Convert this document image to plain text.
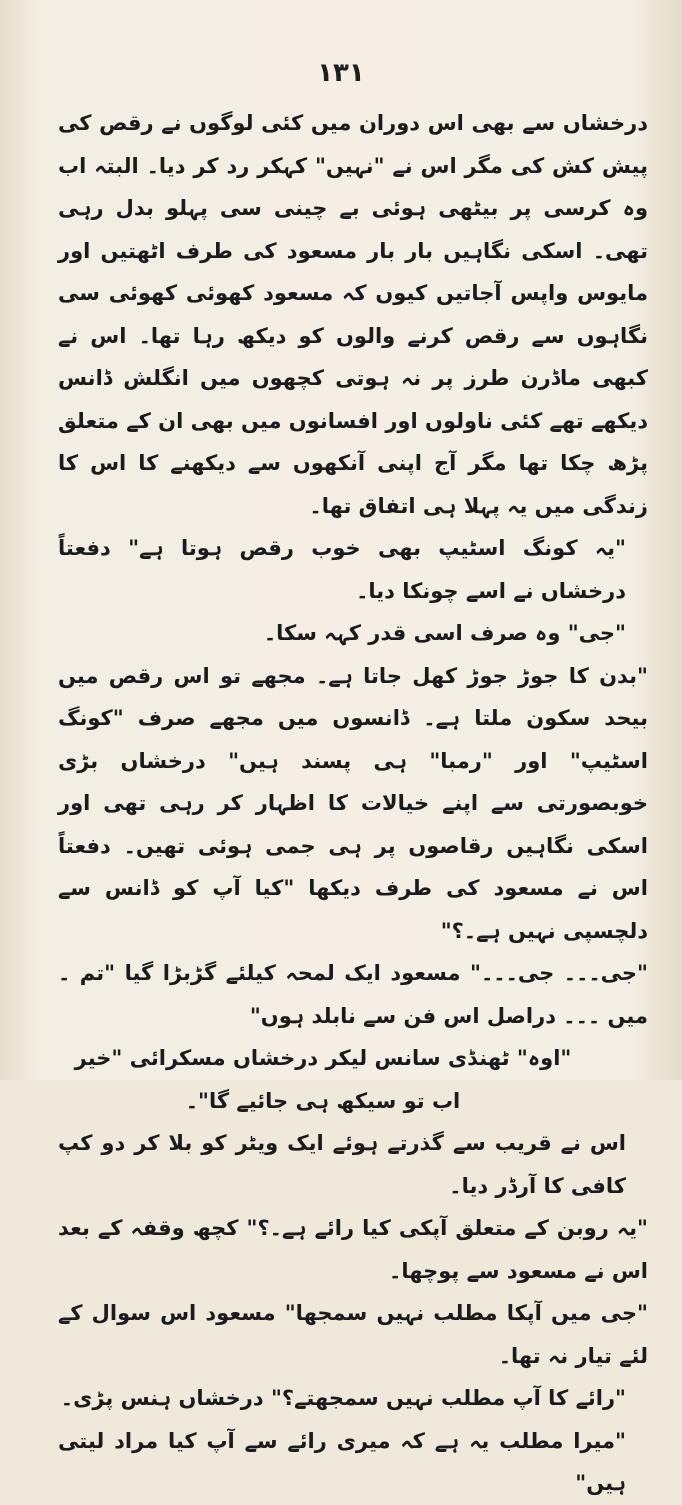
۱۳۱

درخشاں سے بھی اس دوران میں کئی لوگوں نے رقص کی پیش کش کی مگر اس نے "نہیں" کہکر رد کر دیا۔ البتہ اب وہ کرسی پر بیٹھی ہوئی بے چینی سی پہلو بدل رہی تھی۔ اسکی نگاہیں بار بار مسعود کی طرف اٹھتیں اور مایوس واپس آجاتیں کیوں کہ مسعود کھوئی کھوئی سی نگاہوں سے رقص کرنے والوں کو دیکھ رہا تھا۔ اس نے کبھی ماڈرن طرز پر نہ ہوتی کچھوں میں انگلش ڈانس دیکھے تھے کئی ناولوں اور افسانوں میں بھی ان کے متعلق پڑھ چکا تھا مگر آج اپنی آنکھوں سے دیکھنے کا اس کا زندگی میں یہ پہلا ہی اتفاق تھا۔

"یہ کونگ اسٹیپ بھی خوب رقص ہوتا ہے" دفعتاً درخشاں نے اسے چونکا دیا۔

"جی" وہ صرف اسی قدر کہہ سکا۔

"بدن کا جوڑ جوڑ کھل جاتا ہے۔ مجھے تو اس رقص میں بیحد سکون ملتا ہے۔ ڈانسوں میں مجھے صرف "کونگ اسٹیپ" اور "رمبا" ہی پسند ہیں" درخشاں بڑی خوبصورتی سے اپنے خیالات کا اظہار کر رہی تھی اور اسکی نگاہیں رقاصوں پر ہی جمی ہوئی تھیں۔ دفعتاً اس نے مسعود کی طرف دیکھا "کیا آپ کو ڈانس سے دلچسپی نہیں ہے۔؟"

"جی۔۔۔ جی۔۔۔" مسعود ایک لمحہ کیلئے گڑبڑا گیا "تم ۔ میں ۔۔۔ دراصل اس فن سے نابلد ہوں"

"اوہ" ٹھنڈی سانس لیکر درخشاں مسکرائی "خیر اب تو سیکھ ہی جائیے گا"۔

اس نے قریب سے گذرتے ہوئے ایک ویٹر کو بلا کر دو کپ کافی کا آرڈر دیا۔

"یہ روبن کے متعلق آپکی کیا رائے ہے۔؟" کچھ وقفہ کے بعد اس نے مسعود سے پوچھا۔

"جی میں آپکا مطلب نہیں سمجھا" مسعود اس سوال کے لئے تیار نہ تھا۔

"رائے کا آپ مطلب نہیں سمجھتے؟" درخشاں ہنس پڑی۔

"میرا مطلب یہ ہے کہ میری رائے سے آپ کیا مراد لیتی ہیں"
